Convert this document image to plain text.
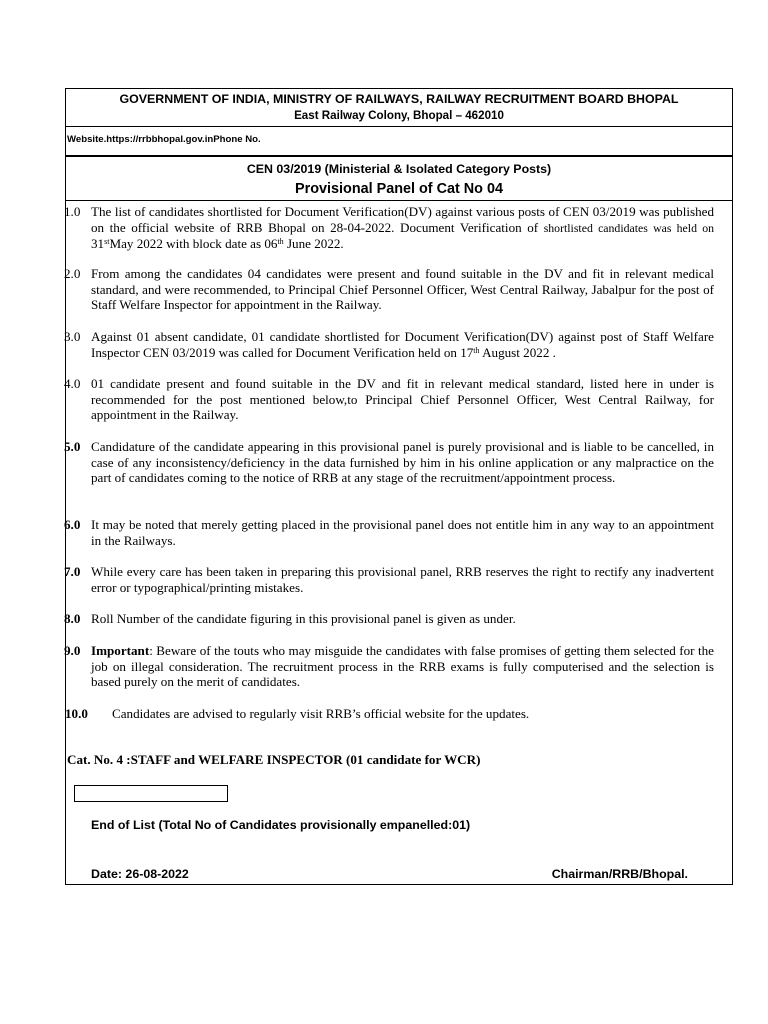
GOVERNMENT OF INDIA, MINISTRY OF RAILWAYS, RAILWAY RECRUITMENT BOARD BHOPAL
East Railway Colony, Bhopal – 462010
Website.https://rrbbhopal.gov.inPhone No.
CEN 03/2019 (Ministerial & Isolated Category Posts)
Provisional Panel of Cat No 04
1.0 The list of candidates shortlisted for Document Verification(DV) against various posts of CEN 03/2019 was published on the official website of RRB Bhopal on 28-04-2022. Document Verification of shortlisted candidates was held on 31stMay 2022 with block date as 06th June 2022.
2.0 From among the candidates 04 candidates were present and found suitable in the DV and fit in relevant medical standard, and were recommended, to Principal Chief Personnel Officer, West Central Railway, Jabalpur for the post of Staff Welfare Inspector for appointment in the Railway.
3.0 Against 01 absent candidate, 01 candidate shortlisted for Document Verification(DV) against post of Staff Welfare Inspector CEN 03/2019 was called for Document Verification held on 17th August 2022 .
4.0 01 candidate present and found suitable in the DV and fit in relevant medical standard, listed here in under is recommended for the post mentioned below,to Principal Chief Personnel Officer, West Central Railway, for appointment in the Railway.
5.0 Candidature of the candidate appearing in this provisional panel is purely provisional and is liable to be cancelled, in case of any inconsistency/deficiency in the data furnished by him in his online application or any malpractice on the part of candidates coming to the notice of RRB at any stage of the recruitment/appointment process.
6.0 It may be noted that merely getting placed in the provisional panel does not entitle him in any way to an appointment in the Railways.
7.0 While every care has been taken in preparing this provisional panel, RRB reserves the right to rectify any inadvertent error or typographical/printing mistakes.
8.0 Roll Number of the candidate figuring in this provisional panel is given as under.
9.0 Important: Beware of the touts who may misguide the candidates with false promises of getting them selected for the job on illegal consideration. The recruitment process in the RRB exams is fully computerised and the selection is based purely on the merit of candidates.
10.0 Candidates are advised to regularly visit RRB’s official website for the updates.
Cat. No. 4 :STAFF and WELFARE INSPECTOR (01 candidate for WCR)
End of List (Total No of Candidates provisionally empanelled:01)
Date: 26-08-2022	Chairman/RRB/Bhopal.
